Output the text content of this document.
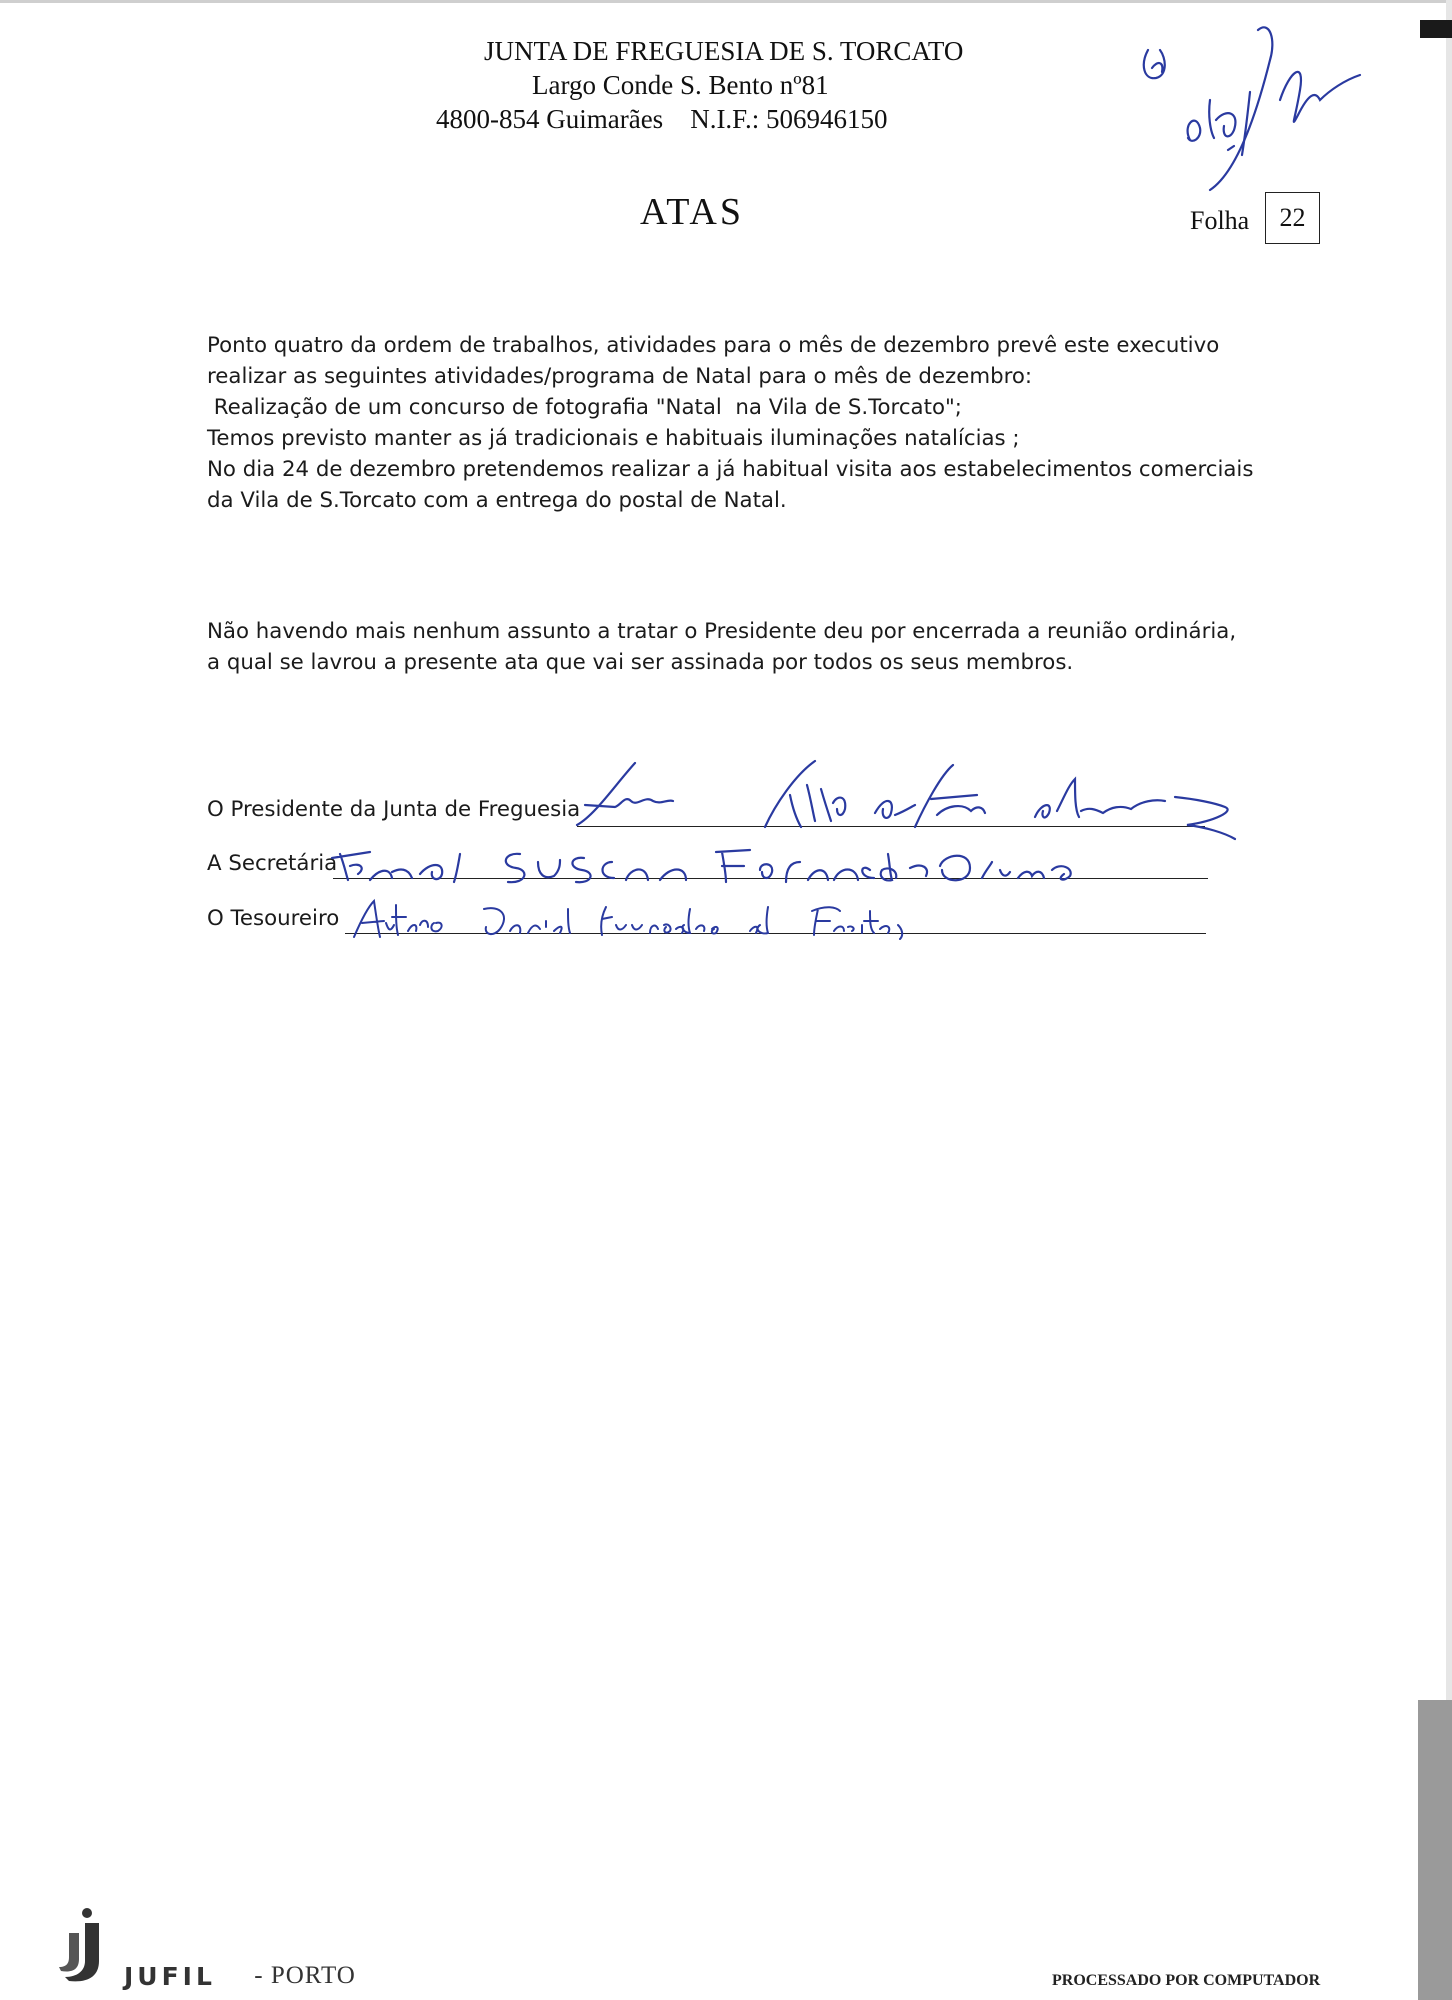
JUNTA DE FREGUESIA DE S. TORCATO
Largo Conde S. Bento nº81
4800-854 Guimarães    N.I.F.: 506946150
ATAS	Folha	22
Ponto quatro da ordem de trabalhos, atividades para o mês de dezembro prevê este executivo
realizar as seguintes atividades/programa de Natal para o mês de dezembro:
Realização de um concurso de fotografia "Natal  na Vila de S.Torcato";
Temos previsto manter as já tradicionais e habituais iluminações natalícias ;
No dia 24 de dezembro pretendemos realizar a já habitual visita aos estabelecimentos comerciais
da Vila de S.Torcato com a entrega do postal de Natal.
Não havendo mais nenhum assunto a tratar o Presidente deu por encerrada a reunião ordinária,
a qual se lavrou a presente ata que vai ser assinada por todos os seus membros.
O Presidente da Junta de Freguesia
A Secretária
O Tesoureiro
JUFIL - PORTO	PROCESSADO POR COMPUTADOR
